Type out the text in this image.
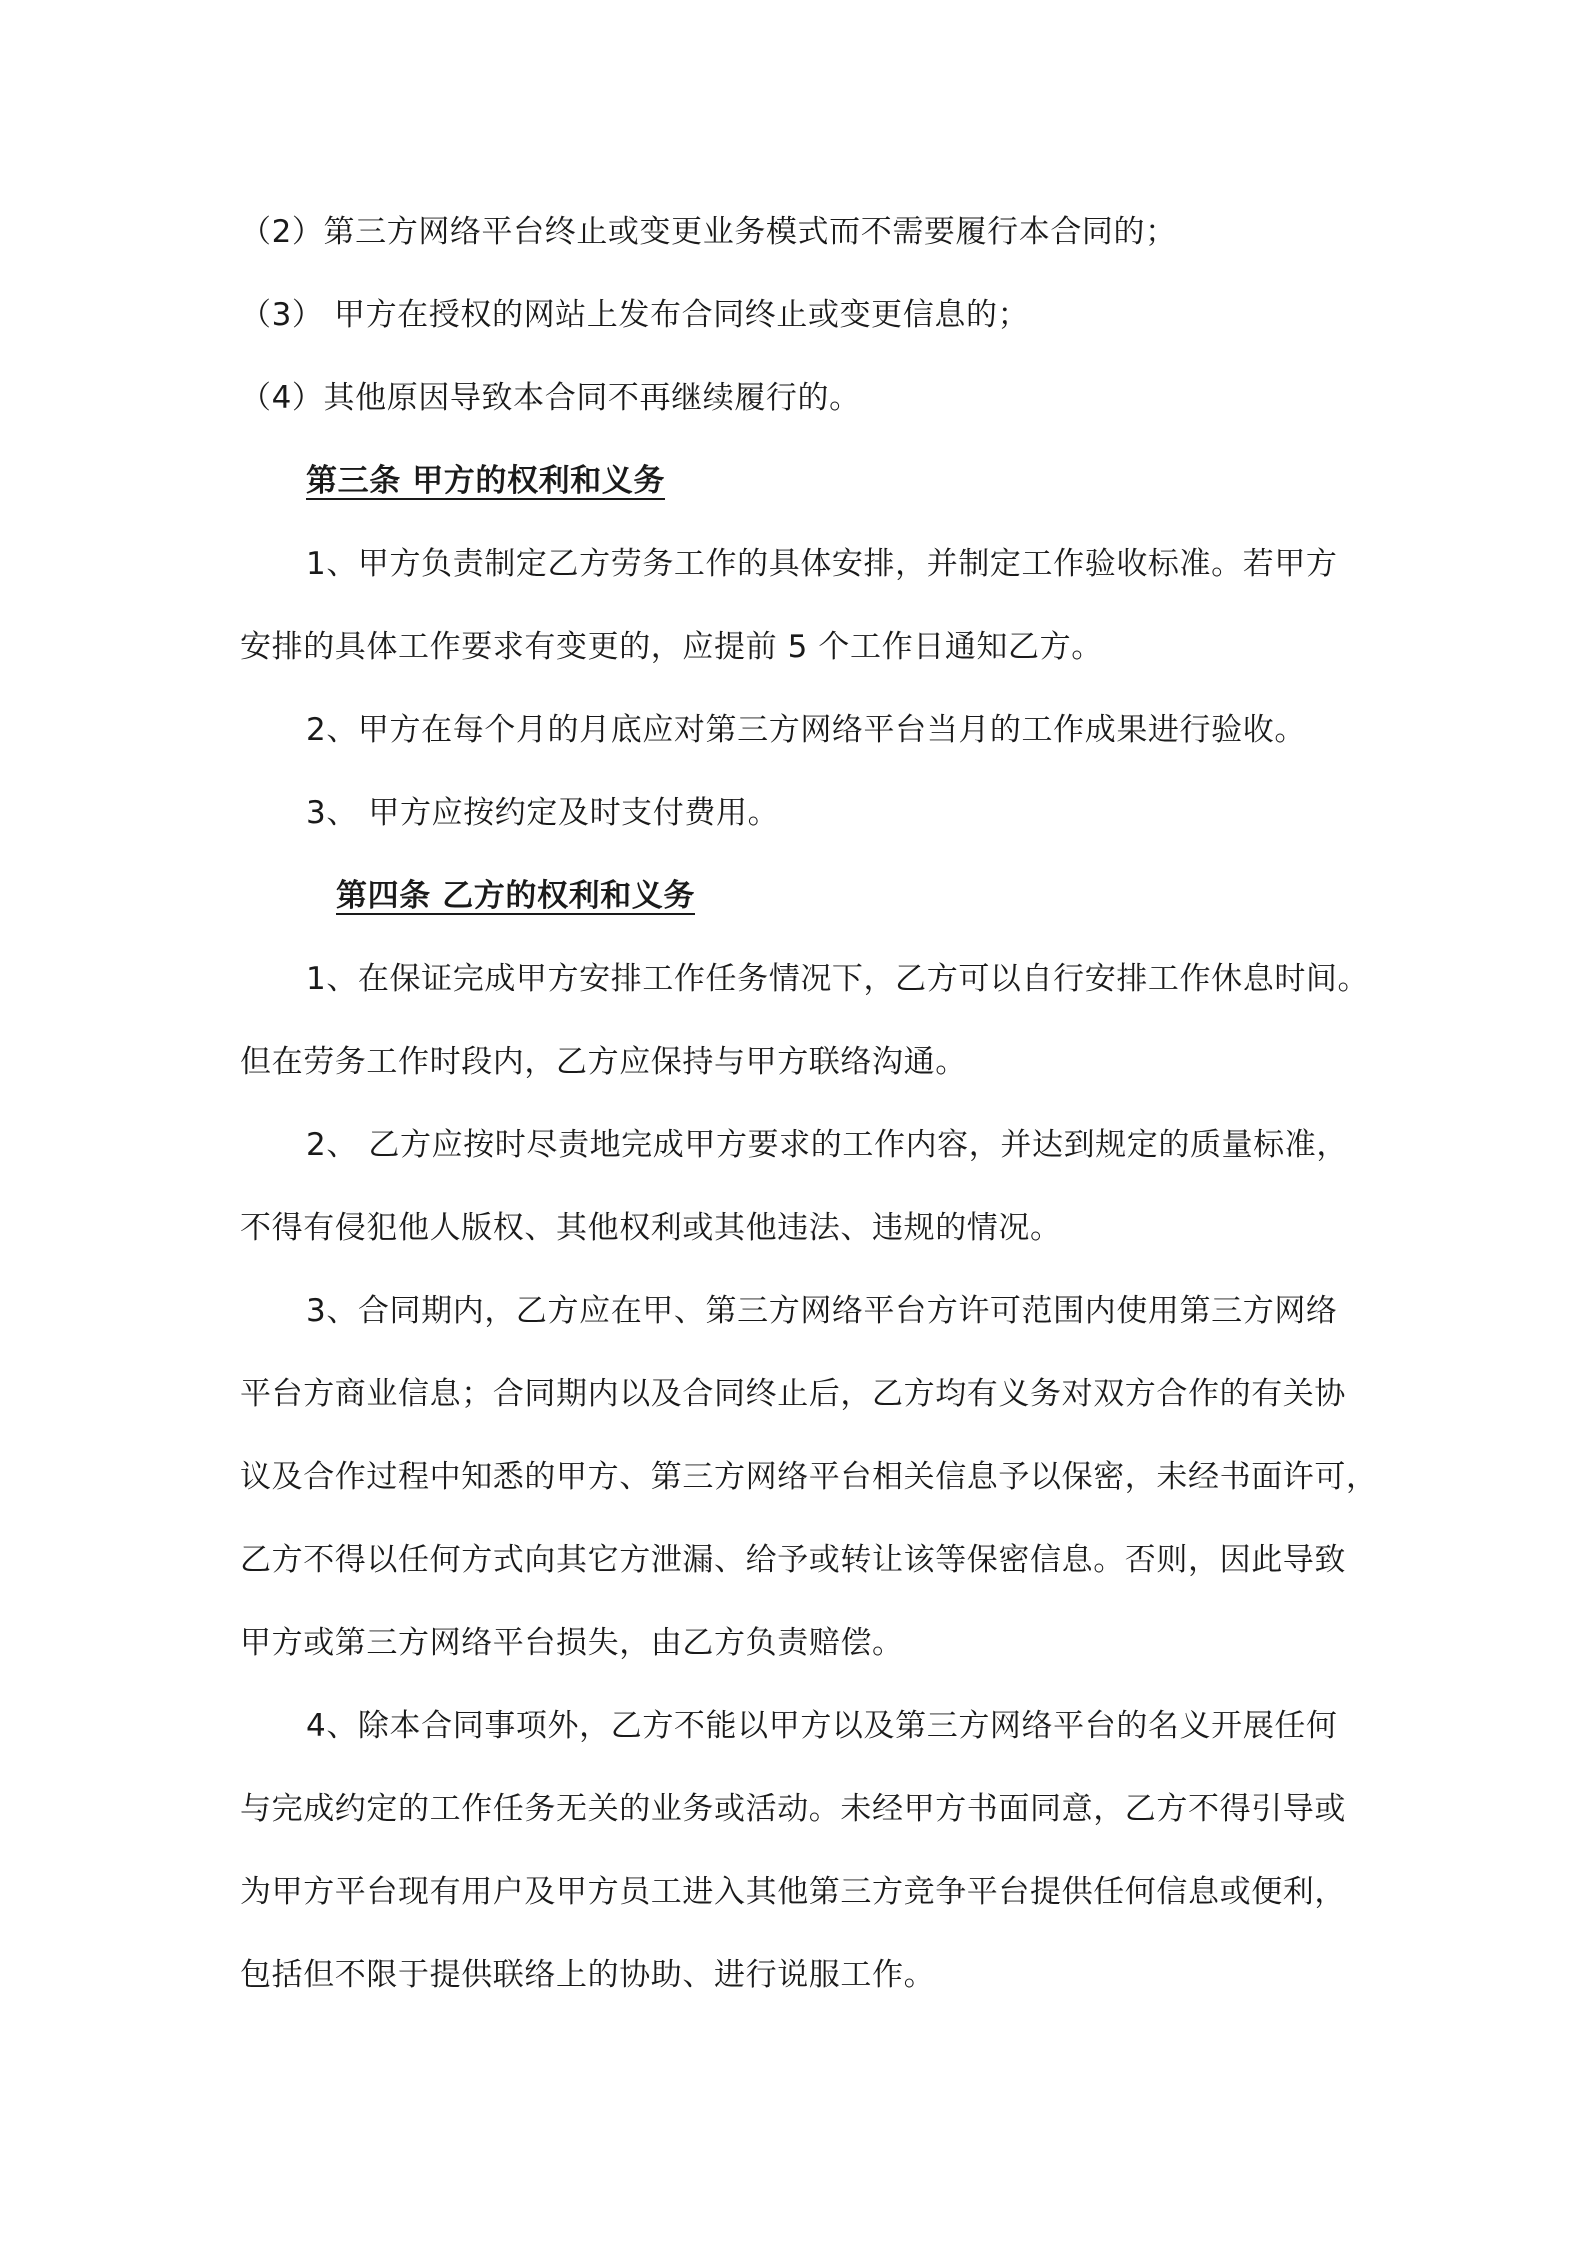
（2）第三方网络平台终止或变更业务模式而不需要履行本合同的；
（3） 甲方在授权的网站上发布合同终止或变更信息的；
（4）其他原因导致本合同不再继续履行的。
第三条 甲方的权利和义务
1、甲方负责制定乙方劳务工作的具体安排，并制定工作验收标准。若甲方
安排的具体工作要求有变更的，应提前 5 个工作日通知乙方。
2、甲方在每个月的月底应对第三方网络平台当月的工作成果进行验收。
3、 甲方应按约定及时支付费用。
第四条 乙方的权利和义务
1、在保证完成甲方安排工作任务情况下，乙方可以自行安排工作休息时间。
但在劳务工作时段内，乙方应保持与甲方联络沟通。
2、 乙方应按时尽责地完成甲方要求的工作内容，并达到规定的质量标准，
不得有侵犯他人版权、其他权利或其他违法、违规的情况。
3、合同期内，乙方应在甲、第三方网络平台方许可范围内使用第三方网络
平台方商业信息；合同期内以及合同终止后，乙方均有义务对双方合作的有关协
议及合作过程中知悉的甲方、第三方网络平台相关信息予以保密，未经书面许可，
乙方不得以任何方式向其它方泄漏、给予或转让该等保密信息。否则，因此导致
甲方或第三方网络平台损失，由乙方负责赔偿。
4、除本合同事项外，乙方不能以甲方以及第三方网络平台的名义开展任何
与完成约定的工作任务无关的业务或活动。未经甲方书面同意，乙方不得引导或
为甲方平台现有用户及甲方员工进入其他第三方竞争平台提供任何信息或便利，
包括但不限于提供联络上的协助、进行说服工作。
